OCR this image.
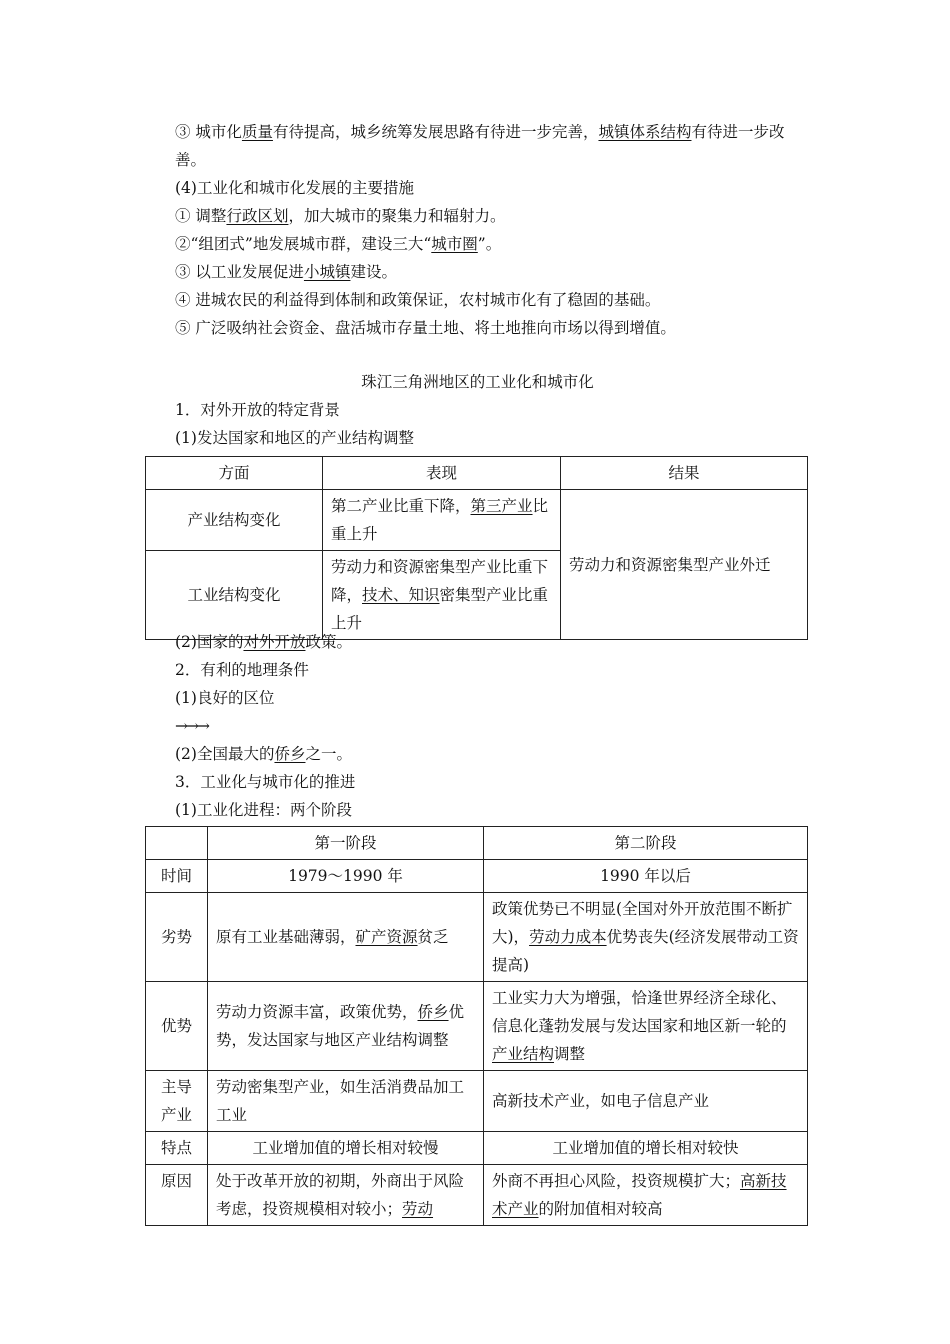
③ 城市化质量有待提高，城乡统筹发展思路有待进一步完善，城镇体系结构有待进一步改善。
(4)工业化和城市化发展的主要措施
① 调整行政区划，加大城市的聚集力和辐射力。
②“组团式”地发展城市群，建设三大“城市圈”。
③ 以工业发展促进小城镇建设。
④ 进城农民的利益得到体制和政策保证，农村城市化有了稳固的基础。
⑤ 广泛吸纳社会资金、盘活城市存量土地、将土地推向市场以得到增值。
珠江三角洲地区的工业化和城市化
1．对外开放的特定背景
(1)发达国家和地区的产业结构调整
方面	表现	结果
产业结构变化	第二产业比重下降，第三产业比重上升	劳动力和资源密集型产业外迁
工业结构变化	劳动力和资源密集型产业比重下降，技术、知识密集型产业比重上升	
(2)国家的对外开放政策。
2．有利的地理条件
(1)良好的区位
→→→
(2)全国最大的侨乡之一。
3．工业化与城市化的推进
(1)工业化进程：两个阶段
	第一阶段	第二阶段
时间	1979～1990 年	1990 年以后
劣势	原有工业基础薄弱，矿产资源贫乏	政策优势已不明显(全国对外开放范围不断扩大)，劳动力成本优势丧失(经济发展带动工资提高)
优势	劳动力资源丰富，政策优势，侨乡优势，发达国家与地区产业结构调整	工业实力大为增强，恰逢世界经济全球化、信息化蓬勃发展与发达国家和地区新一轮的产业结构调整
主导产业	劳动密集型产业，如生活消费品加工工业	高新技术产业，如电子信息产业
特点	工业增加值的增长相对较慢	工业增加值的增长相对较快
原因	处于改革开放的初期，外商出于风险考虑，投资规模相对较小；劳动	外商不再担心风险，投资规模扩大；高新技术产业的附加值相对较高
